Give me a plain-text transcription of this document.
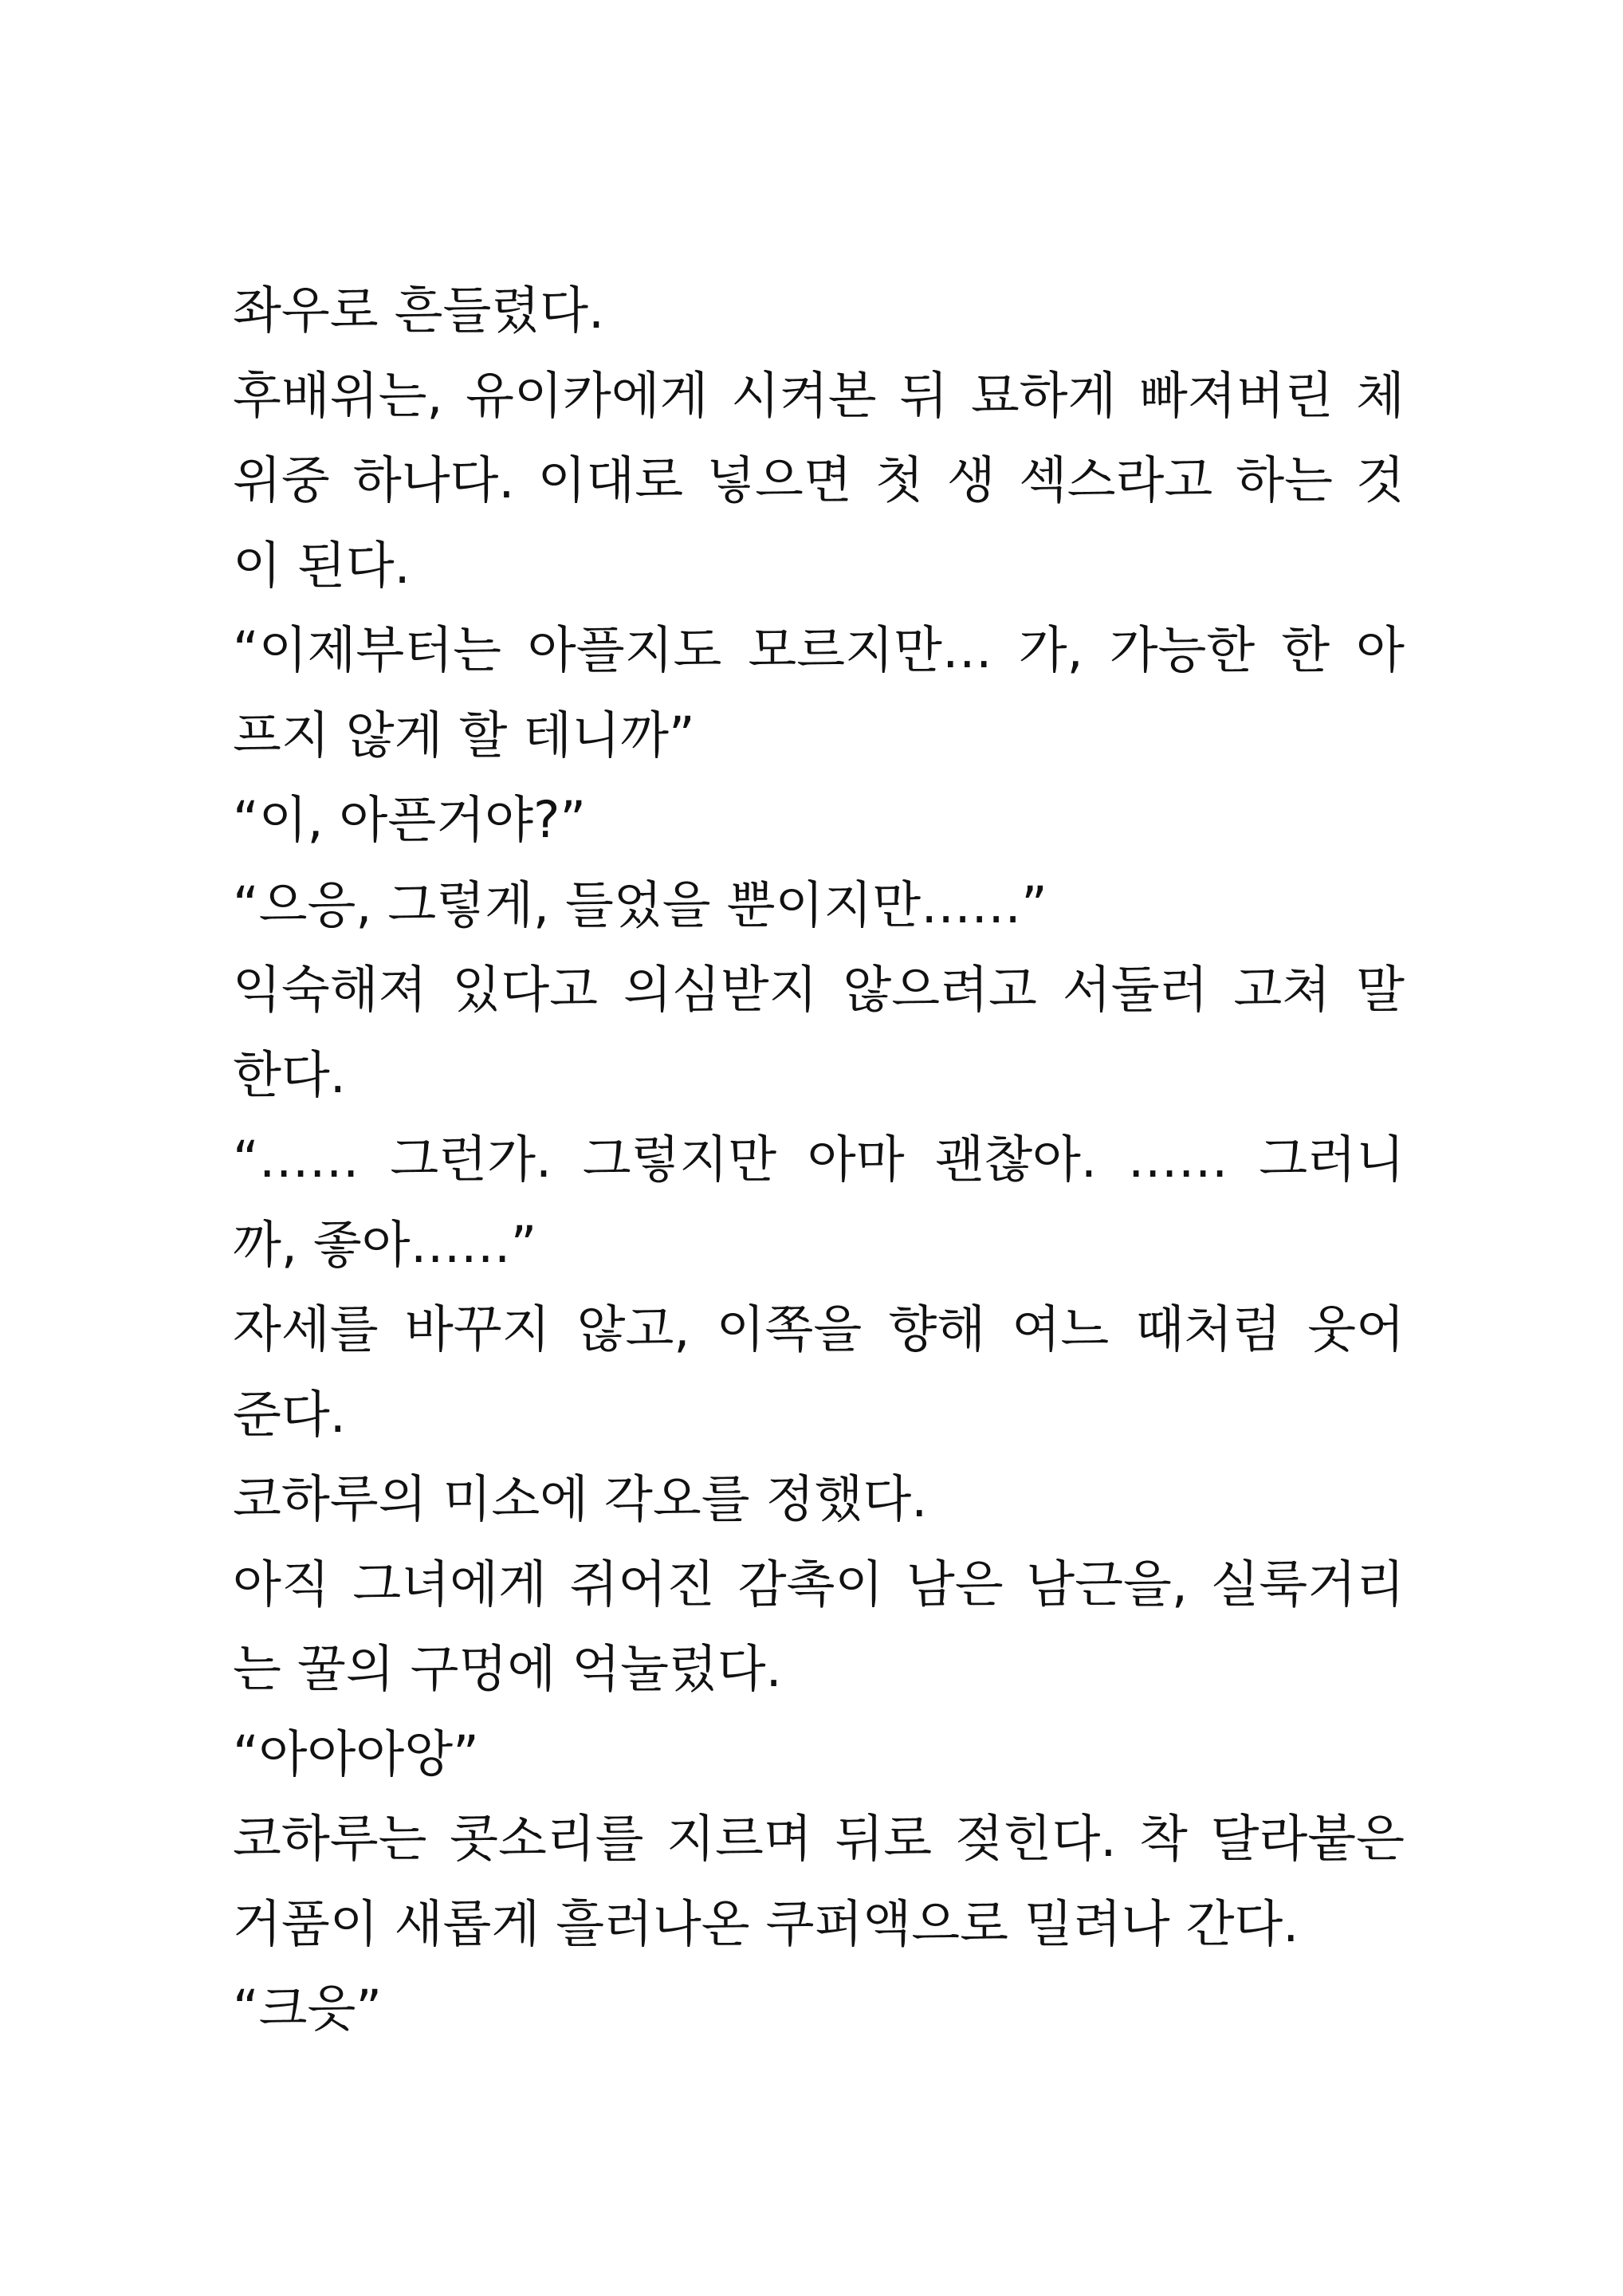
좌우로 흔들렸다.
후배위는, 유이카에게 시켜본 뒤 묘하게 빠져버린 체
위중 하나다. 이대로 넣으면 첫 생 섹스라고 하는 것
이 된다.
“이제부터는 아플지도 모르지만… 가, 가능한 한 아
프지 않게 할 테니까”
“이, 아픈거야?”
“으응, 그렇게, 들었을 뿐이지만……”
익숙해져 있다고 의심받지 않으려고 서둘러 고쳐 말
한다.
“…… 그런가. 그렇지만 아마 괜찮아. …… 그러니
까, 좋아……”
자세를 바꾸지 않고, 이쪽을 향해 여느 때처럼 웃어
준다.
코하루의 미소에 각오를 정했다.
아직 그녀에게 쥐어진 감촉이 남은 남근을, 실룩거리
는 꿀의 구멍에 억눌렀다.
“아아아앙”
코하루는 콧소리를 지르며 뒤로 젖힌다. 착 달라붙은
거품이 새롭게 흘러나온 쿠퍼액으로 밀려나 간다.
“크읏”
